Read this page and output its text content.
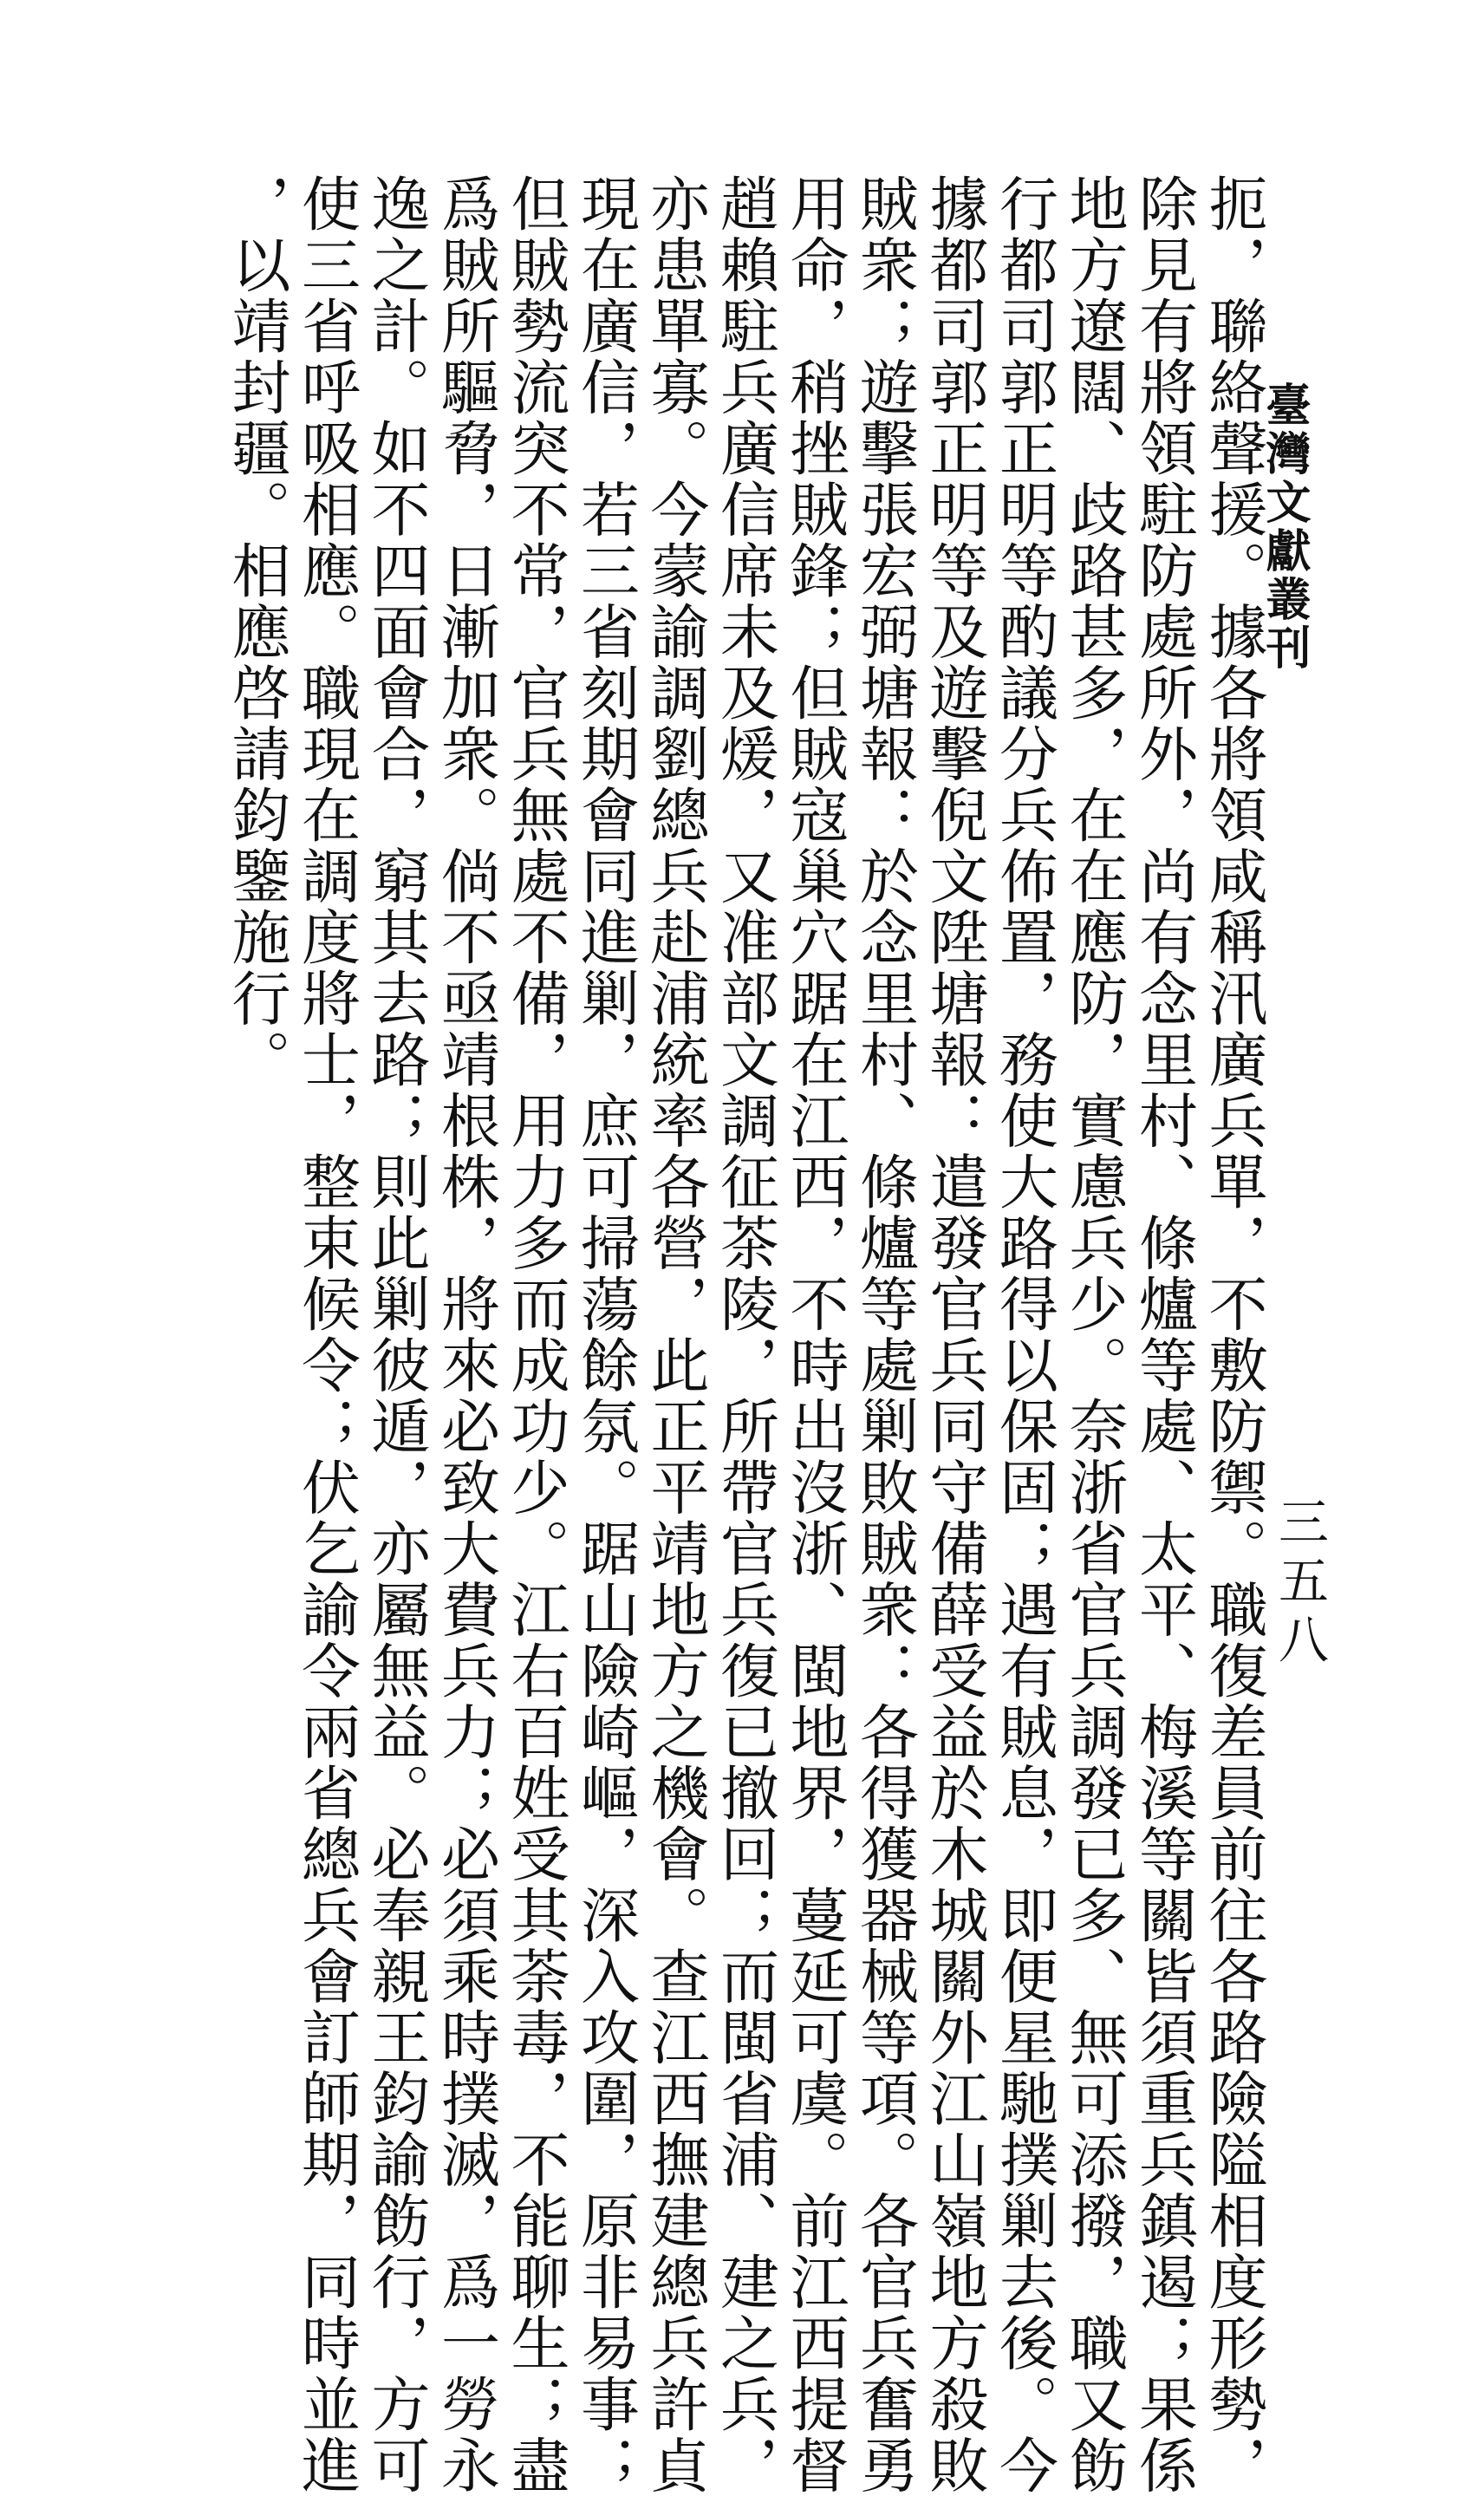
臺灣文獻叢刊
三五八
扼，聯絡聲援。據各將領咸稱汛廣兵單，不敷防禦。職復差員前往各路險隘相度形勢，
除見有將領駐防處所外，尚有念里村、條爐等處、太平、梅溪等關皆須重兵鎮遏；果係
地方遼闊、歧路甚多，在在應防，實慮兵少。奈浙省官兵調發已多、無可添撥，職又飭
行都司郭正明等酌議分兵佈置，務使大路得以保固；遇有賊息，即便星馳撲剿去後。今
據都司郭正明等及遊擊倪文陞塘報：遣發官兵同守備薛受益於木城關外江山嶺地方殺敗
賊衆；遊擊張宏弼塘報：於念里村、條爐等處剿敗賊衆：各得獲器械等項。各官兵奮勇
用命，稍挫賊鋒；但賊寇巢穴踞在江西，不時出沒浙、閩地界，蔓延可虞。前江西提督
趙賴駐兵廣信席未及煖，又准部文調征茶陵，所帶官兵復已撤回；而閩省浦、建之兵，
亦患單寡。今蒙諭調劉總兵赴浦統率各營，此正平靖地方之機會。查江西撫建總兵許貞
現在廣信，若三省刻期會同進剿，庶可掃蕩餘氛。踞山險崎嶇，深入攻圍，原非易事；
但賊勢流突不常，官兵無處不備，用力多而成功少。江右百姓受其荼毒，不能聊生；盡
爲賊所驅脅，日漸加衆。倘不亟靖根株，將來必致大費兵力；必須乘時撲滅，爲一勞永
逸之計。如不四面會合，窮其去路；則此剿彼遁，亦屬無益。必奉親王鈞諭飭行，方可
使三省呼吸相應。職現在調度將士，整束候令；伏乞諭令兩省總兵會訂師期，同時並進
，以靖封疆。相應啓請鈞鑒施行。
